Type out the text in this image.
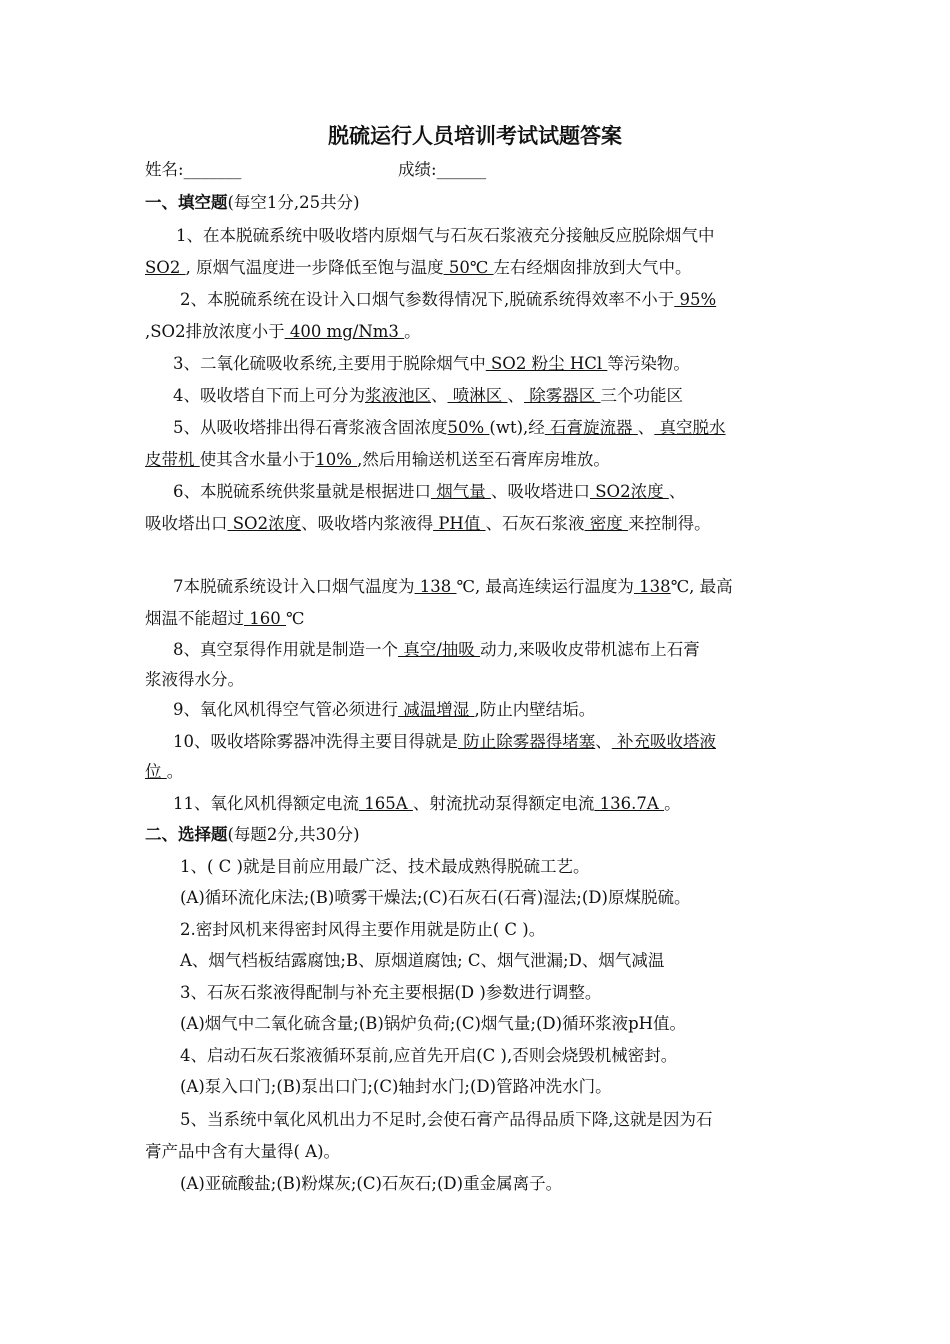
脱硫运行人员培训考试试题答案
姓名:_______	成绩:______
一、填空题(每空1分,25共分)
1、在本脱硫系统中吸收塔内原烟气与石灰石浆液充分接触反应脱除烟气中
SO2 , 原烟气温度进一步降低至饱与温度 50℃ 左右经烟囱排放到大气中。
2、本脱硫系统在设计入口烟气参数得情况下,脱硫系统得效率不小于 95%
,SO2排放浓度小于 400 mg/Nm3 。
3、二氧化硫吸收系统,主要用于脱除烟气中 SO2 粉尘 HCl 等污染物。
4、吸收塔自下而上可分为浆液池区、 喷淋区 、 除雾器区 三个功能区
5、从吸收塔排出得石膏浆液含固浓度50% (wt),经 石膏旋流器 、 真空脱水
皮带机 使其含水量小于10% ,然后用输送机送至石膏库房堆放。
6、本脱硫系统供浆量就是根据进口 烟气量 、吸收塔进口 SO2浓度 、
吸收塔出口 SO2浓度、吸收塔内浆液得 PH值 、石灰石浆液 密度 来控制得。
7本脱硫系统设计入口烟气温度为 138 ℃, 最高连续运行温度为 138℃, 最高
烟温不能超过 160 ℃
8、真空泵得作用就是制造一个 真空/抽吸 动力,来吸收皮带机滤布上石膏
浆液得水分。
9、氧化风机得空气管必须进行 减温增湿 ,防止内壁结垢。
10、吸收塔除雾器冲洗得主要目得就是 防止除雾器得堵塞、 补充吸收塔液
位 。
11、氧化风机得额定电流 165A 、射流扰动泵得额定电流 136.7A 。
二、选择题(每题2分,共30分)
1、( C )就是目前应用最广泛、技术最成熟得脱硫工艺。
(A)循环流化床法;(B)喷雾干燥法;(C)石灰石(石膏)湿法;(D)原煤脱硫。
2.密封风机来得密封风得主要作用就是防止( C )。
A、烟气档板结露腐蚀;B、原烟道腐蚀; C、烟气泄漏;D、烟气减温
3、石灰石浆液得配制与补充主要根据(D )参数进行调整。
(A)烟气中二氧化硫含量;(B)锅炉负荷;(C)烟气量;(D)循环浆液pH值。
4、启动石灰石浆液循环泵前,应首先开启(C ),否则会烧毁机械密封。
(A)泵入口门;(B)泵出口门;(C)轴封水门;(D)管路冲洗水门。
5、当系统中氧化风机出力不足时,会使石膏产品得品质下降,这就是因为石
膏产品中含有大量得( A)。
(A)亚硫酸盐;(B)粉煤灰;(C)石灰石;(D)重金属离子。
